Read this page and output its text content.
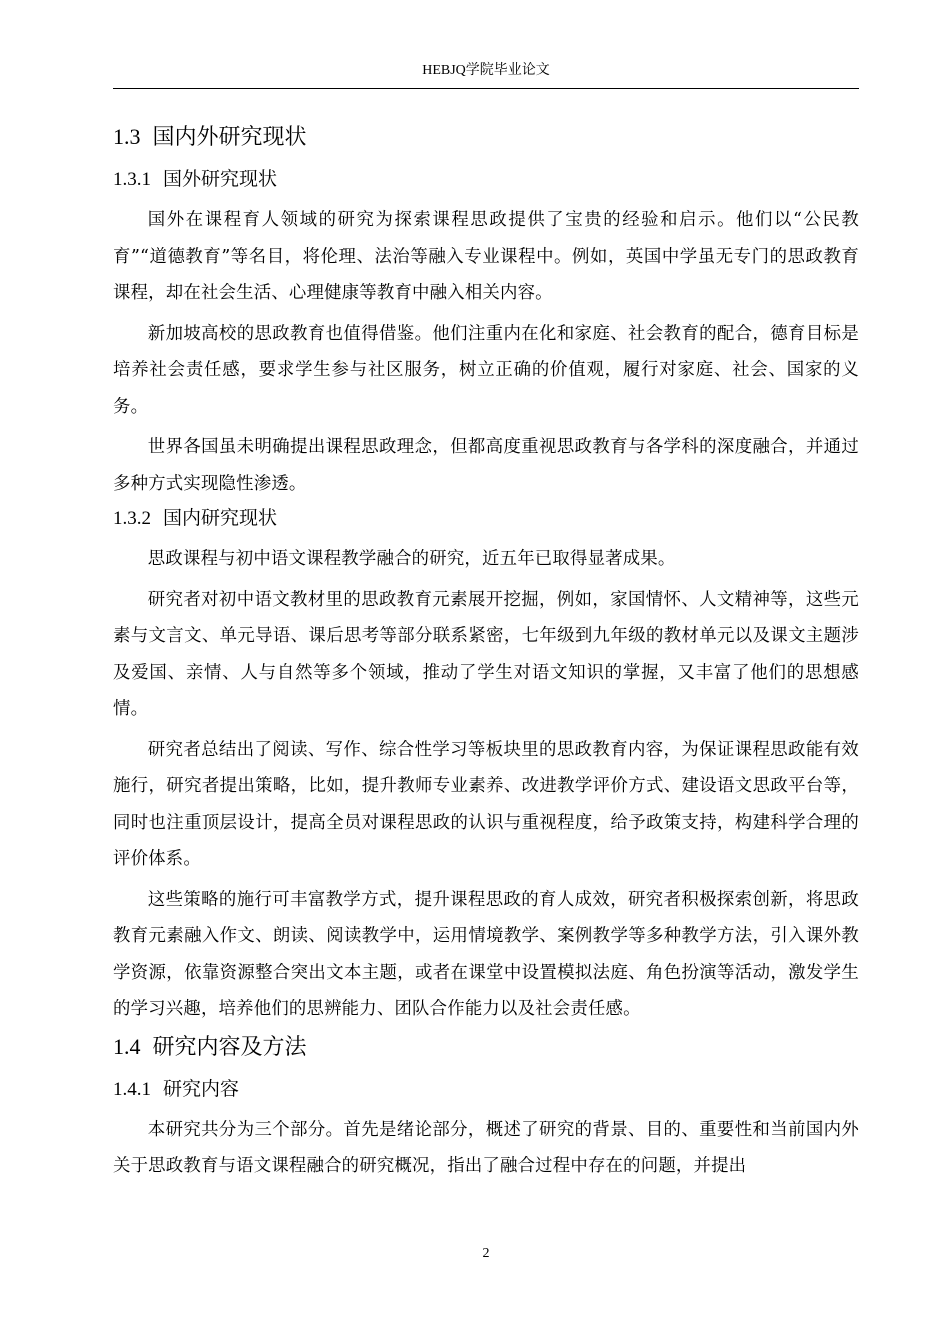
HEBJQ学院毕业论文
1.3 国内外研究现状
1.3.1 国外研究现状

国外在课程育人领域的研究为探索课程思政提供了宝贵的经验和启示。他们以“公民教育”“道德教育”等名目，将伦理、法治等融入专业课程中。例如，英国中学虽无专门的思政教育课程，却在社会生活、心理健康等教育中融入相关内容。

新加坡高校的思政教育也值得借鉴。他们注重内在化和家庭、社会教育的配合，德育目标是培养社会责任感，要求学生参与社区服务，树立正确的价值观，履行对家庭、社会、国家的义务。

世界各国虽未明确提出课程思政理念，但都高度重视思政教育与各学科的深度融合，并通过多种方式实现隐性渗透。

1.3.2 国内研究现状

思政课程与初中语文课程教学融合的研究，近五年已取得显著成果。

研究者对初中语文教材里的思政教育元素展开挖掘，例如，家国情怀、人文精神等，这些元素与文言文、单元导语、课后思考等部分联系紧密，七年级到九年级的教材单元以及课文主题涉及爱国、亲情、人与自然等多个领域，推动了学生对语文知识的掌握，又丰富了他们的思想感情。

研究者总结出了阅读、写作、综合性学习等板块里的思政教育内容，为保证课程思政能有效施行，研究者提出策略，比如，提升教师专业素养、改进教学评价方式、建设语文思政平台等，同时也注重顶层设计，提高全员对课程思政的认识与重视程度，给予政策支持，构建科学合理的评价体系。

这些策略的施行可丰富教学方式，提升课程思政的育人成效，研究者积极探索创新，将思政教育元素融入作文、朗读、阅读教学中，运用情境教学、案例教学等多种教学方法，引入课外教学资源，依靠资源整合突出文本主题，或者在课堂中设置模拟法庭、角色扮演等活动，激发学生的学习兴趣，培养他们的思辨能力、团队合作能力以及社会责任感。

1.4 研究内容及方法
1.4.1 研究内容

本研究共分为三个部分。首先是绪论部分，概述了研究的背景、目的、重要性和当前国内外关于思政教育与语文课程融合的研究概况，指出了融合过程中存在的问题，并提出

2
